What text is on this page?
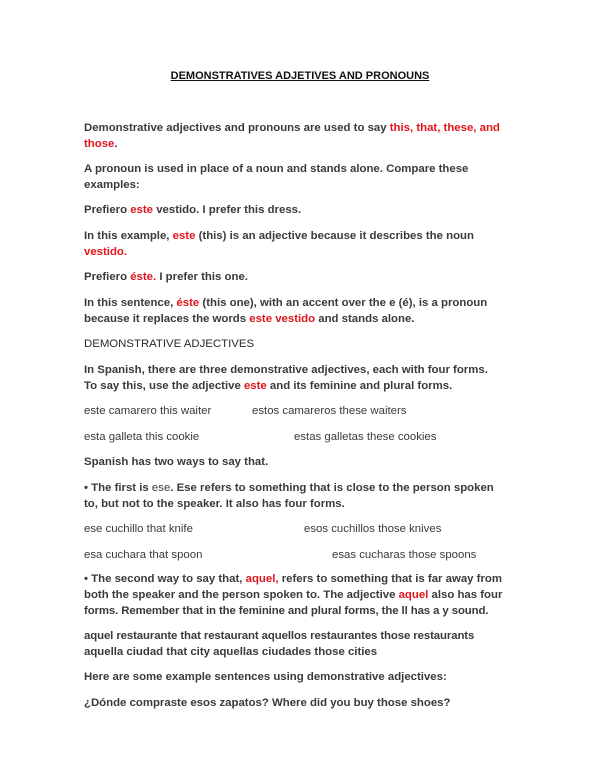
DEMONSTRATIVES ADJETIVES AND PRONOUNS
Demonstrative adjectives and pronouns are used to say this, that, these, and
those.
A pronoun is used in place of a noun and stands alone. Compare these
examples:
Prefiero este vestido. I prefer this dress.
In this example, este (this) is an adjective because it describes the noun
vestido.
Prefiero éste. I prefer this one.
In this sentence, éste (this one), with an accent over the e (é), is a pronoun
because it replaces the words este vestido and stands alone.
DEMONSTRATIVE ADJECTIVES
In Spanish, there are three demonstrative adjectives, each with four forms.
To say this, use the adjective este and its feminine and plural forms.
este camarero this waiter	estos camareros these waiters
esta galleta this cookie	estas galletas these cookies
Spanish has two ways to say that.
• The first is ese. Ese refers to something that is close to the person spoken
to, but not to the speaker. It also has four forms.
ese cuchillo that knife	esos cuchillos those knives
esa cuchara that spoon	esas cucharas those spoons
• The second way to say that, aquel, refers to something that is far away from
both the speaker and the person spoken to. The adjective aquel also has four
forms. Remember that in the feminine and plural forms, the ll has a y sound.
aquel restaurante that restaurant aquellos restaurantes those restaurants
aquella ciudad that city aquellas ciudades those cities
Here are some example sentences using demonstrative adjectives:
¿Dónde compraste esos zapatos? Where did you buy those shoes?
